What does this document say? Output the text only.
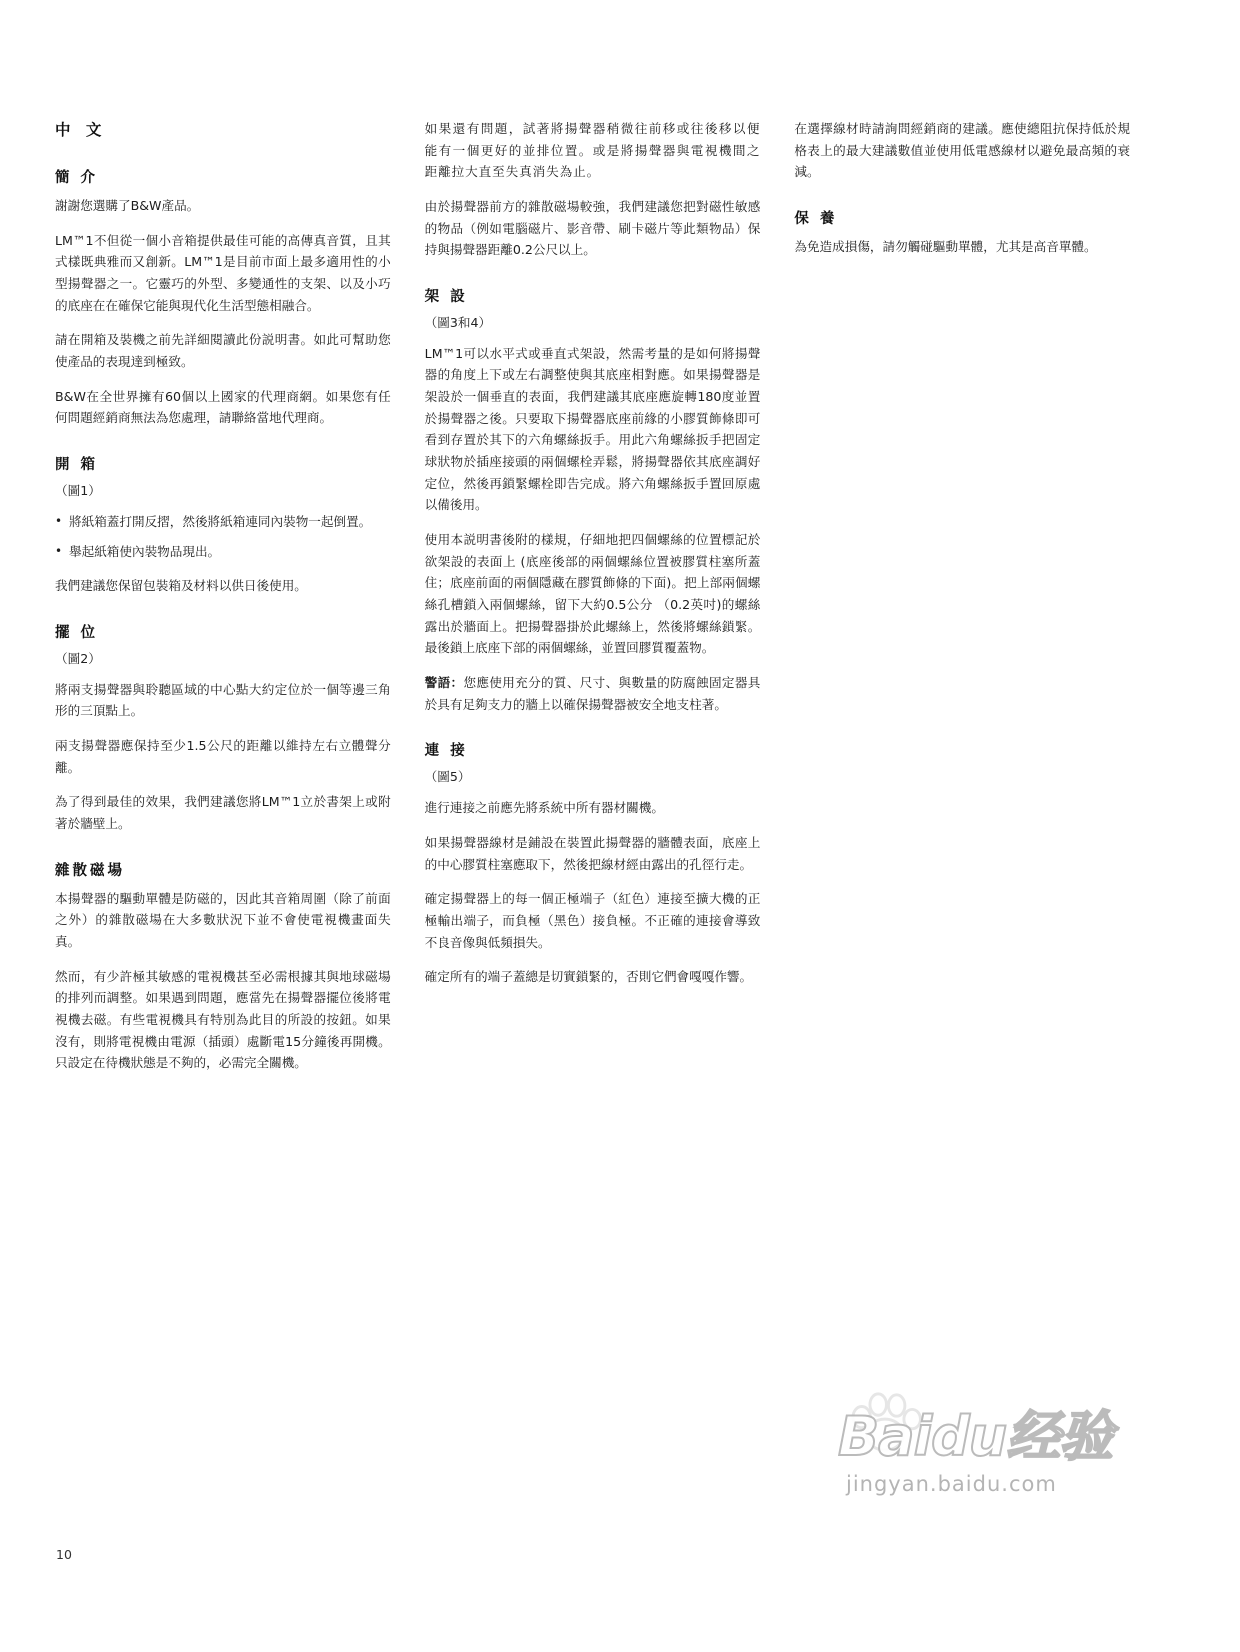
中 文
簡 介

謝謝您選購了B&W產品。

LM™1不但從一個小音箱提供最佳可能的高傳真音質，且其式樣既典雅而又創新。LM™1是目前市面上最多適用性的小型揚聲器之一。它靈巧的外型、多變通性的支架、以及小巧的底座在在確保它能與現代化生活型態相融合。

請在開箱及裝機之前先詳細閱讀此份説明書。如此可幫助您使產品的表現達到極致。

B&W在全世界擁有60個以上國家的代理商網。如果您有任何問題經銷商無法為您處理，請聯絡當地代理商。

開 箱
（圖1）
• 將紙箱蓋打開反摺，然後將紙箱連同內裝物一起倒置。
• 舉起紙箱使內裝物品現出。

我們建議您保留包裝箱及材料以供日後使用。

擺 位
（圖2）

將兩支揚聲器與聆聽區域的中心點大約定位於一個等邊三角形的三頂點上。

兩支揚聲器應保持至少1.5公尺的距離以維持左右立體聲分離。

為了得到最佳的效果，我們建議您將LM™1立於書架上或附著於牆壁上。

雜散磁場

本揚聲器的驅動單體是防磁的，因此其音箱周圍（除了前面之外）的雜散磁場在大多數狀況下並不會使電視機畫面失真。

然而，有少許極其敏感的電視機甚至必需根據其與地球磁場的排列而調整。如果遇到問題，應當先在揚聲器擺位後將電視機去磁。有些電視機具有特別為此目的所設的按鈕。如果沒有，則將電視機由電源（插頭）處斷電15分鐘後再開機。只設定在待機狀態是不夠的，必需完全關機。

如果還有問題，試著將揚聲器稍微往前移或往後移以便能有一個更好的並排位置。或是將揚聲器與電視機間之距離拉大直至失真消失為止。

由於揚聲器前方的雜散磁場較強，我們建議您把對磁性敏感的物品（例如電腦磁片、影音帶、刷卡磁片等此類物品）保持與揚聲器距離0.2公尺以上。

架 設
（圖3和4）

LM™1可以水平式或垂直式架設，然需考量的是如何將揚聲器的角度上下或左右調整使與其底座相對應。如果揚聲器是架設於一個垂直的表面，我們建議其底座應旋轉180度並置於揚聲器之後。只要取下揚聲器底座前緣的小膠質飾條即可看到存置於其下的六角螺絲扳手。用此六角螺絲扳手把固定球狀物於插座接頭的兩個螺栓弄鬆，將揚聲器依其底座調好定位，然後再鎖緊螺栓即告完成。將六角螺絲扳手置回原處以備後用。

使用本説明書後附的樣規，仔細地把四個螺絲的位置標記於欲架設的表面上 (底座後部的兩個螺絲位置被膠質柱塞所蓋住；底座前面的兩個隱藏在膠質飾條的下面)。把上部兩個螺絲孔槽鎖入兩個螺絲，留下大約0.5公分 （0.2英吋)的螺絲露出於牆面上。把揚聲器掛於此螺絲上，然後將螺絲鎖緊。最後鎖上底座下部的兩個螺絲，並置回膠質覆蓋物。

警語：您應使用充分的質、尺寸、與數量的防腐蝕固定器具於具有足夠支力的牆上以確保揚聲器被安全地支柱著。

連 接
（圖5）

進行連接之前應先將系統中所有器材關機。

如果揚聲器線材是鋪設在裝置此揚聲器的牆體表面，底座上的中心膠質柱塞應取下，然後把線材經由露出的孔徑行走。

確定揚聲器上的每一個正極端子（紅色）連接至擴大機的正極輸出端子，而負極（黑色）接負極。不正確的連接會導致不良音像與低頻損失。

確定所有的端子蓋總是切實鎖緊的，否則它們會嘎嘎作響。

在選擇線材時請詢問經銷商的建議。應使總阻抗保持低於規格表上的最大建議數值並使用低電感線材以避免最高頻的衰減。

保 養

為免造成損傷，請勿觸碰驅動單體，尤其是高音單體。

10
Baidu经验
jingyan.baidu.com
